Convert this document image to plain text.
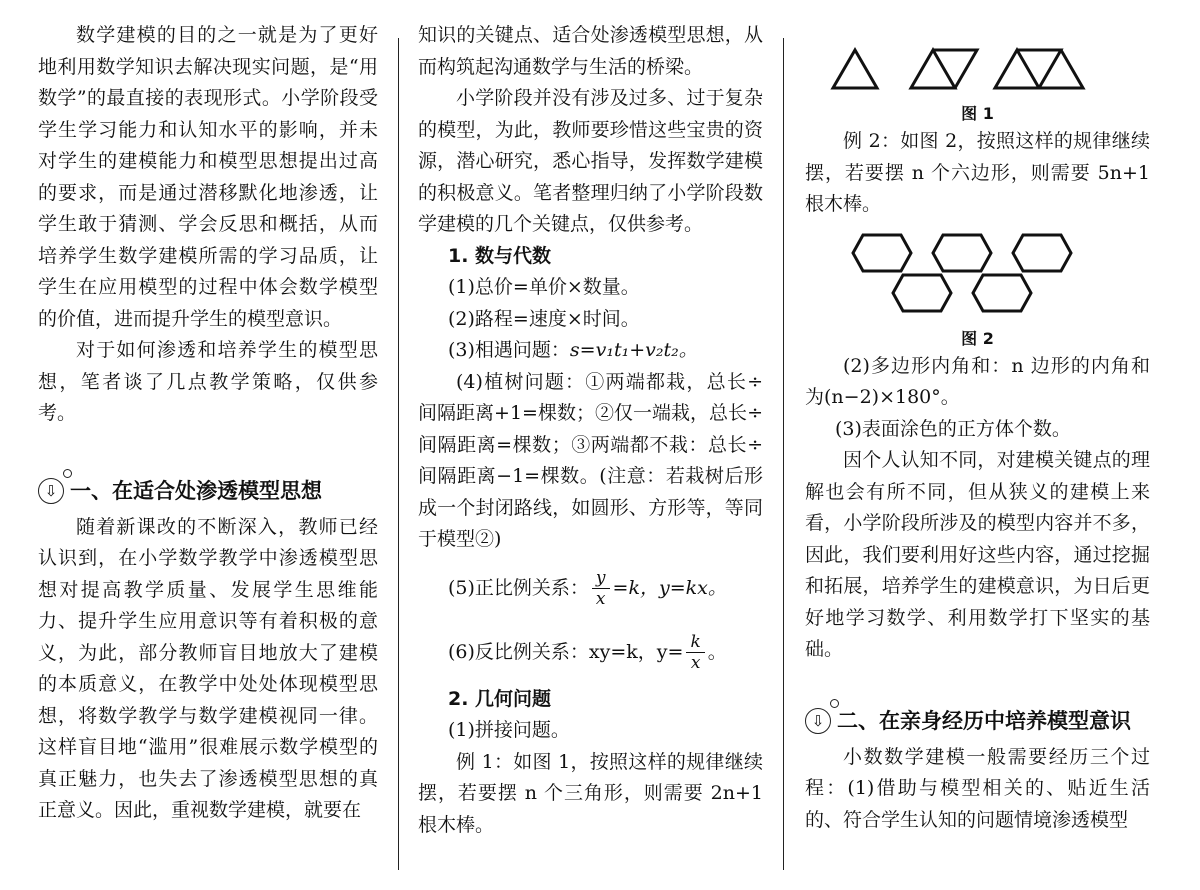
数学建模的目的之一就是为了更好地利用数学知识去解决现实问题，是“用数学”的最直接的表现形式。小学阶段受学生学习能力和认知水平的影响，并未对学生的建模能力和模型思想提出过高的要求，而是通过潜移默化地渗透，让学生敢于猜测、学会反思和概括，从而培养学生数学建模所需的学习品质，让学生在应用模型的过程中体会数学模型的价值，进而提升学生的模型意识。

对于如何渗透和培养学生的模型思想，笔者谈了几点教学策略，仅供参考。

⇩ 一、在适合处渗透模型思想

随着新课改的不断深入，教师已经认识到，在小学数学教学中渗透模型思想对提高教学质量、发展学生思维能力、提升学生应用意识等有着积极的意义，为此，部分教师盲目地放大了建模的本质意义，在教学中处处体现模型思想，将数学教学与数学建模视同一律。这样盲目地“滥用”很难展示数学模型的真正魅力，也失去了渗透模型思想的真正意义。因此，重视数学建模，就要在

知识的关键点、适合处渗透模型思想，从而构筑起沟通数学与生活的桥梁。

小学阶段并没有涉及过多、过于复杂的模型，为此，教师要珍惜这些宝贵的资源，潜心研究，悉心指导，发挥数学建模的积极意义。笔者整理归纳了小学阶段数学建模的几个关键点，仅供参考。

1. 数与代数
(1)总价=单价×数量。
(2)路程=速度×时间。
(3)相遇问题：s=v₁t₁+v₂t₂。

(4)植树问题：①两端都栽，总长÷间隔距离+1=棵数；②仅一端栽，总长÷间隔距离=棵数；③两端都不栽：总长÷间隔距离−1=棵数。(注意：若栽树后形成一个封闭路线，如圆形、方形等，等同于模型②)

(5)正比例关系： $\frac{y}{x} =k$，y=kx。
(6)反比例关系：xy=k，$y= \frac{k}{x}$ 。
2. 几何问题
(1)拼接问题。

例 1：如图 1，按照这样的规律继续摆，若要摆 n 个三角形，则需要 2n+1 根木棒。

图 1

例 2：如图 2，按照这样的规律继续摆，若要摆 n 个六边形，则需要 5n+1 根木棒。

图 2

(2)多边形内角和：n 边形的内角和为(n−2)×180°。

(3)表面涂色的正方体个数。

因个人认知不同，对建模关键点的理解也会有所不同，但从狭义的建模上来看，小学阶段所涉及的模型内容并不多，因此，我们要利用好这些内容，通过挖掘和拓展，培养学生的建模意识，为日后更好地学习数学、利用数学打下坚实的基础。

⇩ 二、在亲身经历中培养模型意识

小数数学建模一般需要经历三个过程：(1)借助与模型相关的、贴近生活的、符合学生认知的问题情境渗透模型
